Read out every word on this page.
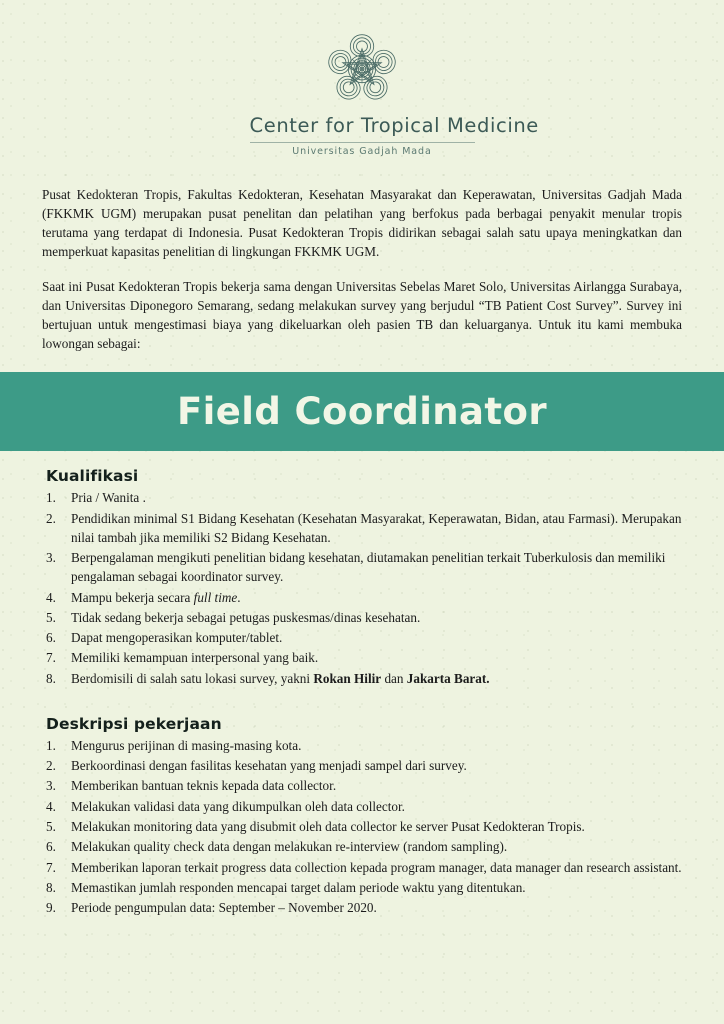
Center for Tropical Medicine
Universitas Gadjah Mada

Pusat Kedokteran Tropis, Fakultas Kedokteran, Kesehatan Masyarakat dan Keperawatan, Universitas Gadjah Mada (FKKMK UGM) merupakan pusat penelitan dan pelatihan yang berfokus pada berbagai penyakit menular tropis terutama yang terdapat di Indonesia. Pusat Kedokteran Tropis didirikan sebagai salah satu upaya meningkatkan dan memperkuat kapasitas penelitian di lingkungan FKKMK UGM.

Saat ini Pusat Kedokteran Tropis bekerja sama dengan Universitas Sebelas Maret Solo, Universitas Airlangga Surabaya, dan Universitas Diponegoro Semarang, sedang melakukan survey yang berjudul “TB Patient Cost Survey”. Survey ini bertujuan untuk mengestimasi biaya yang dikeluarkan oleh pasien TB dan keluarganya. Untuk itu kami membuka lowongan sebagai:

Field Coordinator
Kualifikasi
1.	Pria / Wanita .
2.	Pendidikan minimal S1 Bidang Kesehatan (Kesehatan Masyarakat, Keperawatan, Bidan, atau Farmasi). Merupakan nilai tambah jika memiliki S2 Bidang Kesehatan.
3.	Berpengalaman mengikuti penelitian bidang kesehatan, diutamakan penelitian terkait Tuberkulosis dan memiliki pengalaman sebagai koordinator survey.
4.	Mampu bekerja secara full time.
5.	Tidak sedang bekerja sebagai petugas puskesmas/dinas kesehatan.
6.	Dapat mengoperasikan komputer/tablet.
7.	Memiliki kemampuan interpersonal yang baik.
8.	Berdomisili di salah satu lokasi survey, yakni Rokan Hilir dan Jakarta Barat.
Deskripsi pekerjaan
1.	Mengurus perijinan di masing-masing kota.
2.	Berkoordinasi dengan fasilitas kesehatan yang menjadi sampel dari survey.
3.	Memberikan bantuan teknis kepada data collector.
4.	Melakukan validasi data yang dikumpulkan oleh data collector.
5.	Melakukan monitoring data yang disubmit oleh data collector ke server Pusat Kedokteran Tropis.
6.	Melakukan quality check data dengan melakukan re-interview (random sampling).
7.	Memberikan laporan terkait progress data collection kepada program manager, data manager dan research assistant.
8.	Memastikan jumlah responden mencapai target dalam periode waktu yang ditentukan.
9.	Periode pengumpulan data: September – November 2020.
